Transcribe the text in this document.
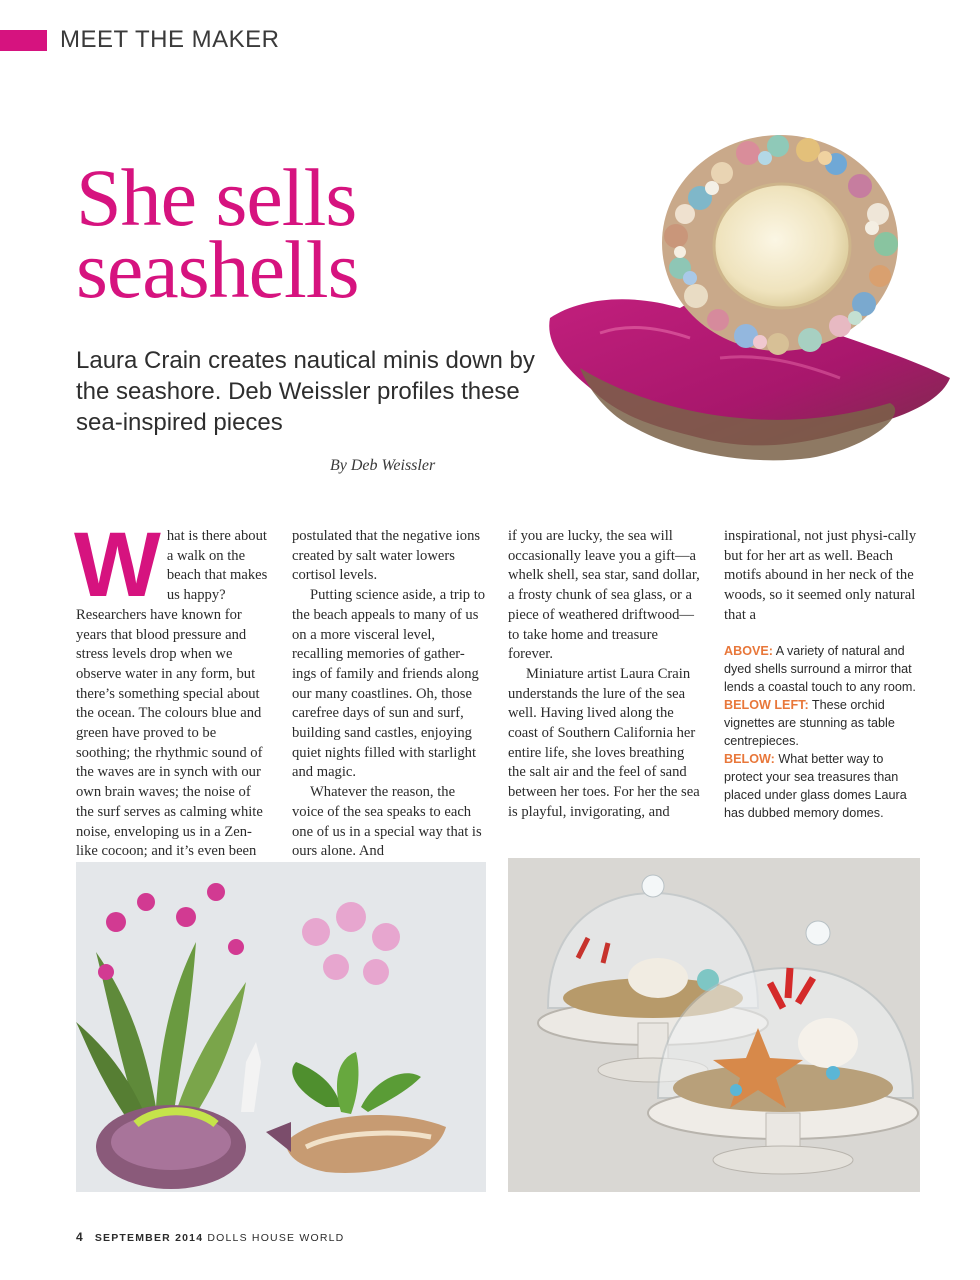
MEET THE MAKER
She sells
seashells

Laura Crain creates nautical minis down by the seashore. Deb Weissler profiles these sea-inspired pieces

By Deb Weissler
W hat is there about a walk on the beach that makes us happy? Researchers have known for years that blood pressure and stress levels drop when we observe water in any form, but there’s something special about the ocean. The colours blue and green have proved to be soothing; the rhythmic sound of the waves are in synch with our own brain waves; the noise of the surf serves as calming white noise, enveloping us in a Zen-like cocoon; and it’s even been

postulated that the negative ions created by salt water lowers cortisol levels.

Putting science aside, a trip to the beach appeals to many of us on a more visceral level, recalling memories of gather-ings of family and friends along our many coastlines. Oh, those carefree days of sun and surf, building sand castles, enjoying quiet nights filled with starlight and magic.

Whatever the reason, the voice of the sea speaks to each one of us in a special way that is ours alone. And

if you are lucky, the sea will occasionally leave you a gift—a whelk shell, sea star, sand dollar, a frosty chunk of sea glass, or a piece of weathered driftwood—to take home and treasure forever.

Miniature artist Laura Crain understands the lure of the sea well. Having lived along the coast of Southern California her entire life, she loves breathing the salt air and the feel of sand between her toes. For her the sea is playful, invigorating, and

inspirational, not just physi-cally but for her art as well. Beach motifs abound in her neck of the woods, so it seemed only natural that a

ABOVE: A variety of natural and dyed shells surround a mirror that lends a coastal touch to any room.

BELOW LEFT: These orchid vignettes are stunning as table centrepieces.

BELOW: What better way to protect your sea treasures than placed under glass domes Laura has dubbed memory domes.

4 SEPTEMBER 2014 DOLLS HOUSE WORLD
